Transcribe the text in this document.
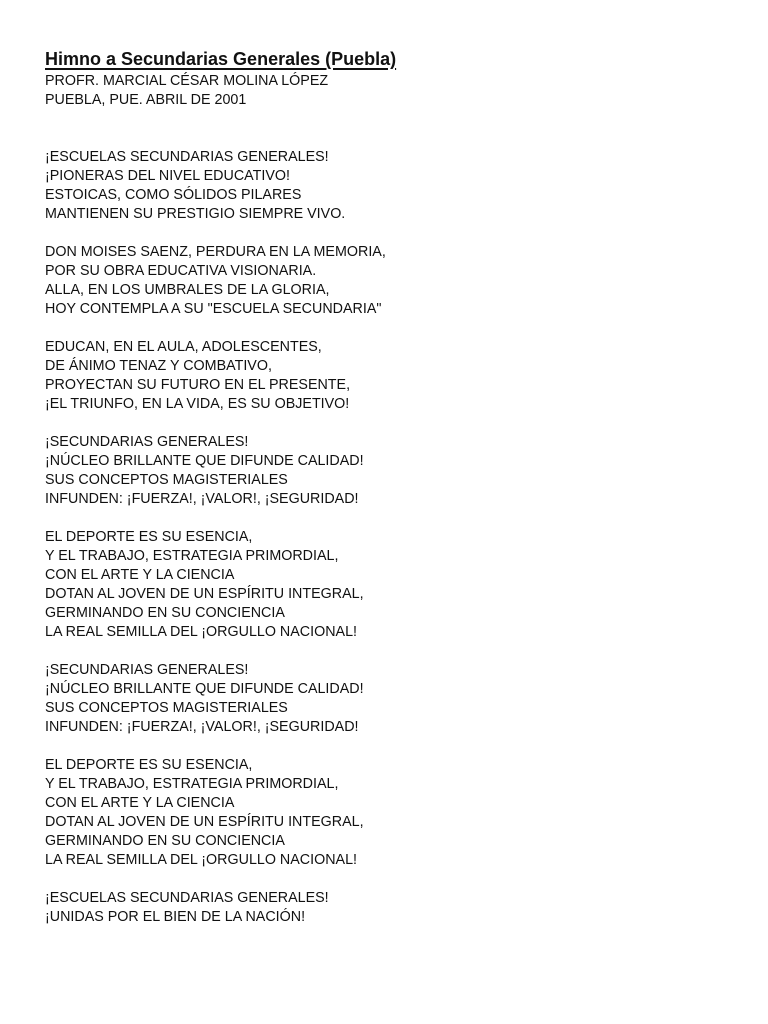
Himno a Secundarias Generales (Puebla)
PROFR. MARCIAL CÉSAR MOLINA LÓPEZ
PUEBLA, PUE. ABRIL DE 2001
¡ESCUELAS SECUNDARIAS GENERALES!
¡PIONERAS DEL NIVEL EDUCATIVO!
ESTOICAS, COMO SÓLIDOS PILARES
MANTIENEN SU PRESTIGIO SIEMPRE VIVO.
DON MOISES SAENZ, PERDURA EN LA MEMORIA,
POR SU OBRA EDUCATIVA VISIONARIA.
ALLA, EN LOS UMBRALES DE LA GLORIA,
HOY CONTEMPLA A SU "ESCUELA SECUNDARIA"
EDUCAN, EN EL AULA, ADOLESCENTES,
DE ÁNIMO TENAZ Y COMBATIVO,
PROYECTAN SU FUTURO EN EL PRESENTE,
¡EL TRIUNFO, EN LA VIDA, ES SU OBJETIVO!
¡SECUNDARIAS GENERALES!
¡NÚCLEO BRILLANTE QUE DIFUNDE CALIDAD!
SUS CONCEPTOS MAGISTERIALES
INFUNDEN: ¡FUERZA!, ¡VALOR!, ¡SEGURIDAD!
EL DEPORTE ES SU ESENCIA,
Y EL TRABAJO, ESTRATEGIA PRIMORDIAL,
CON EL ARTE Y LA CIENCIA
DOTAN AL JOVEN DE UN ESPÍRITU INTEGRAL,
GERMINANDO EN SU CONCIENCIA
LA REAL SEMILLA DEL ¡ORGULLO NACIONAL!
¡SECUNDARIAS GENERALES!
¡NÚCLEO BRILLANTE QUE DIFUNDE CALIDAD!
SUS CONCEPTOS MAGISTERIALES
INFUNDEN: ¡FUERZA!, ¡VALOR!, ¡SEGURIDAD!
EL DEPORTE ES SU ESENCIA,
Y EL TRABAJO, ESTRATEGIA PRIMORDIAL,
CON EL ARTE Y LA CIENCIA
DOTAN AL JOVEN DE UN ESPÍRITU INTEGRAL,
GERMINANDO EN SU CONCIENCIA
LA REAL SEMILLA DEL ¡ORGULLO NACIONAL!
¡ESCUELAS SECUNDARIAS GENERALES!
¡UNIDAS POR EL BIEN DE LA NACIÓN!
